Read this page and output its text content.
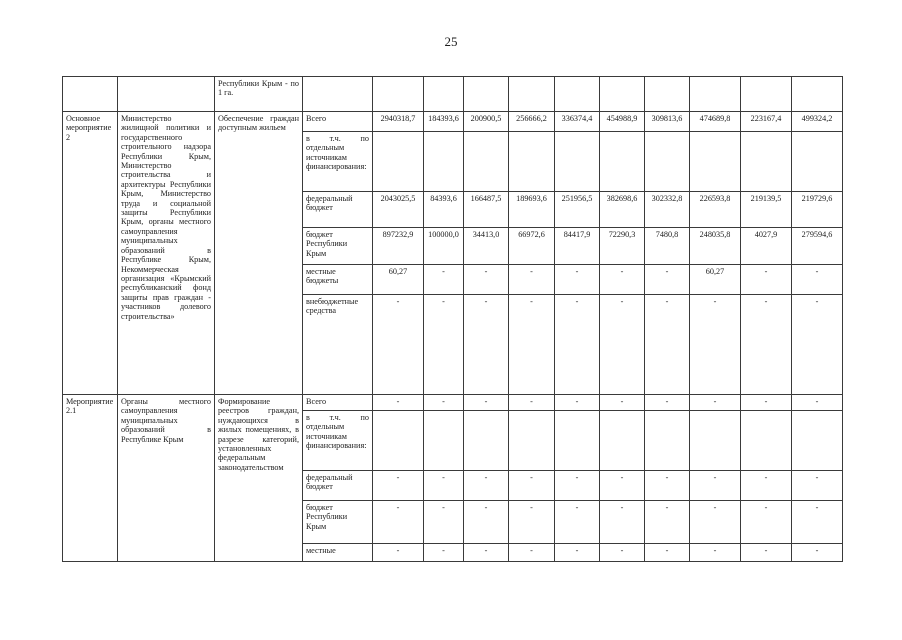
25
		Республики Крым - по 1 га.											
Основное мероприятие 2	Министерство жилищной политики и государственного строительного надзора Республики Крым, Министерство строительства и архитектуры Республики Крым, Министерство труда и социальной защиты Республики Крым, органы местного самоуправления муниципальных образований в Республике Крым, Некоммерческая организация «Крымский республиканский фонд защиты прав граждан - участников долевого строительства»	Обеспечение граждан доступным жильем	Всего	2940318,7	184393,6	200900,5	256666,2	336374,4	454988,9	309813,6	474689,8	223167,4	499324,2
			в т.ч. по отдельным источникам финансирования:										
			федеральный бюджет	2043025,5	84393,6	166487,5	189693,6	251956,5	382698,6	302332,8	226593,8	219139,5	219729,6
			бюджет Республики Крым	897232,9	100000,0	34413,0	66972,6	84417,9	72290,3	7480,8	248035,8	4027,9	279594,6
			местные бюджеты	60,27	-	-	-	-	-	-	60,27	-	-
			внебюджетные средства	-	-	-	-	-	-	-	-	-	-
Мероприятие 2.1	Органы местного самоуправления муниципальных образований в Республике Крым	Формирование реестров граждан, нуждающихся в жилых помещениях, в разрезе категорий, установленных федеральным законодательством	Всего	-	-	-	-	-	-	-	-	-	-
			в т.ч. по отдельным источникам финансирования:										
			федеральный бюджет	-	-	-	-	-	-	-	-	-	-
			бюджет Республики Крым	-	-	-	-	-	-	-	-	-	-
			местные	-	-	-	-	-	-	-	-	-	-
